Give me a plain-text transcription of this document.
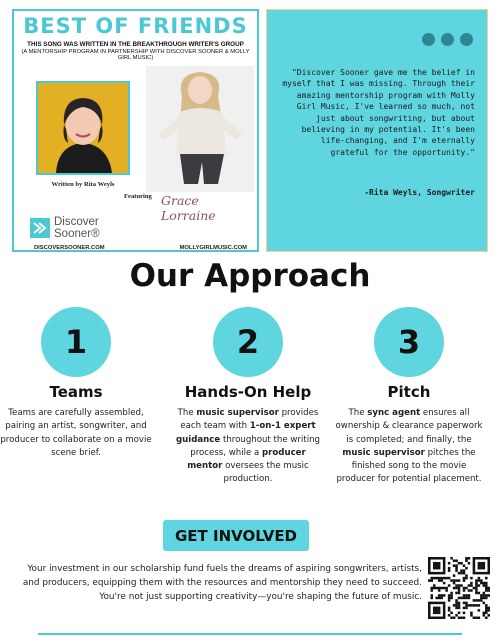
BEST OF FRIENDS
THIS SONG WAS WRITTEN IN THE BREAKTHROUGH WRITER'S GROUP
(A MENTORSHIP PROGRAM IN PARTNERSHIP WITH DISCOVER SOONER & MOLLY GIRL MUSIC)
Written by Rita Weyls
Featuring Grace Lorraine
Discover
Sooner®
DISCOVERSOONER.COM	MOLLYGIRLMUSIC.COM
"Discover Sooner gave me the belief in myself that I was missing. Through their amazing mentorship program with Molly Girl Music, I've learned so much, not just about songwriting, but about believing in my potential. It's been life-changing, and I'm eternally grateful for the opportunity."
-Rita Weyls, Songwriter
Our Approach
1
Teams
Teams are carefully assembled, pairing an artist, songwriter, and producer to collaborate on a movie scene brief.
2
Hands-On Help
The music supervisor provides each team with 1-on-1 expert guidance throughout the writing process, while a producer mentor oversees the music production.
3
Pitch
The sync agent ensures all ownership & clearance paperwork is completed; and finally, the music supervisor pitches the finished song to the movie producer for potential placement.
GET INVOLVED
Your investment in our scholarship fund fuels the dreams of aspiring songwriters, artists, and producers, equipping them with the resources and mentorship they need to succeed. You're not just supporting creativity—you're shaping the future of music.
